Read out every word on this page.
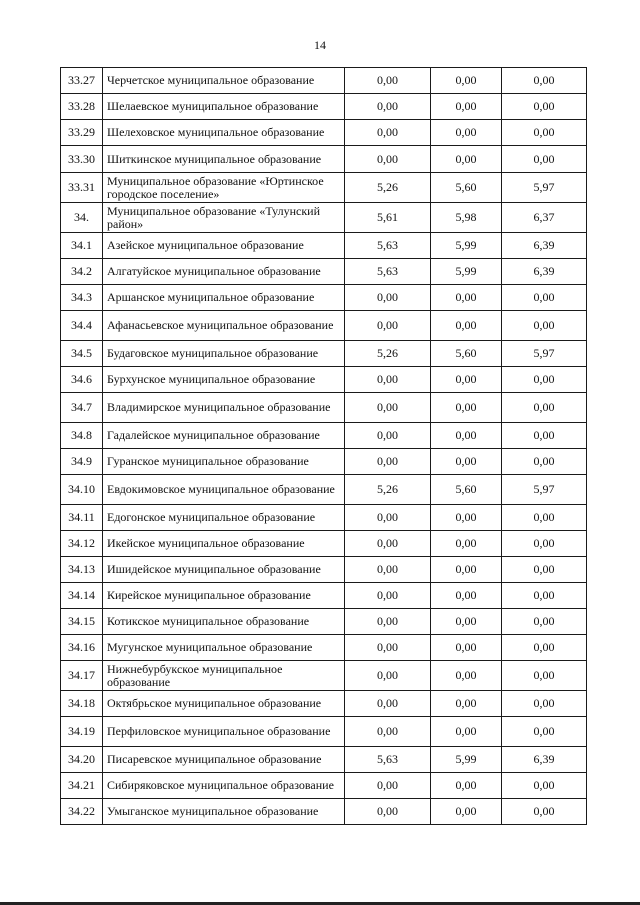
14
33.27	Черчетское муниципальное образование	0,00	0,00	0,00
33.28	Шелаевское муниципальное образование	0,00	0,00	0,00
33.29	Шелеховское муниципальное образование	0,00	0,00	0,00
33.30	Шиткинское муниципальное образование	0,00	0,00	0,00
33.31	Муниципальное образование «Юртинское городское поселение»	5,26	5,60	5,97
34.	Муниципальное образование «Тулунский район»	5,61	5,98	6,37
34.1	Азейское муниципальное образование	5,63	5,99	6,39
34.2	Алгатуйское муниципальное образование	5,63	5,99	6,39
34.3	Аршанское муниципальное образование	0,00	0,00	0,00
34.4	Афанасьевское муниципальное образование	0,00	0,00	0,00
34.5	Будаговское муниципальное образование	5,26	5,60	5,97
34.6	Бурхунское муниципальное образование	0,00	0,00	0,00
34.7	Владимирское муниципальное образование	0,00	0,00	0,00
34.8	Гадалейское муниципальное образование	0,00	0,00	0,00
34.9	Гуранское муниципальное образование	0,00	0,00	0,00
34.10	Евдокимовское муниципальное образование	5,26	5,60	5,97
34.11	Едогонское муниципальное образование	0,00	0,00	0,00
34.12	Икейское муниципальное образование	0,00	0,00	0,00
34.13	Ишидейское муниципальное образование	0,00	0,00	0,00
34.14	Кирейское муниципальное образование	0,00	0,00	0,00
34.15	Котикское муниципальное образование	0,00	0,00	0,00
34.16	Мугунское муниципальное образование	0,00	0,00	0,00
34.17	Нижнебурбукское муниципальное образование	0,00	0,00	0,00
34.18	Октябрьское муниципальное образование	0,00	0,00	0,00
34.19	Перфиловское муниципальное образование	0,00	0,00	0,00
34.20	Писаревское муниципальное образование	5,63	5,99	6,39
34.21	Сибиряковское муниципальное образование	0,00	0,00	0,00
34.22	Умыганское муниципальное образование	0,00	0,00	0,00
